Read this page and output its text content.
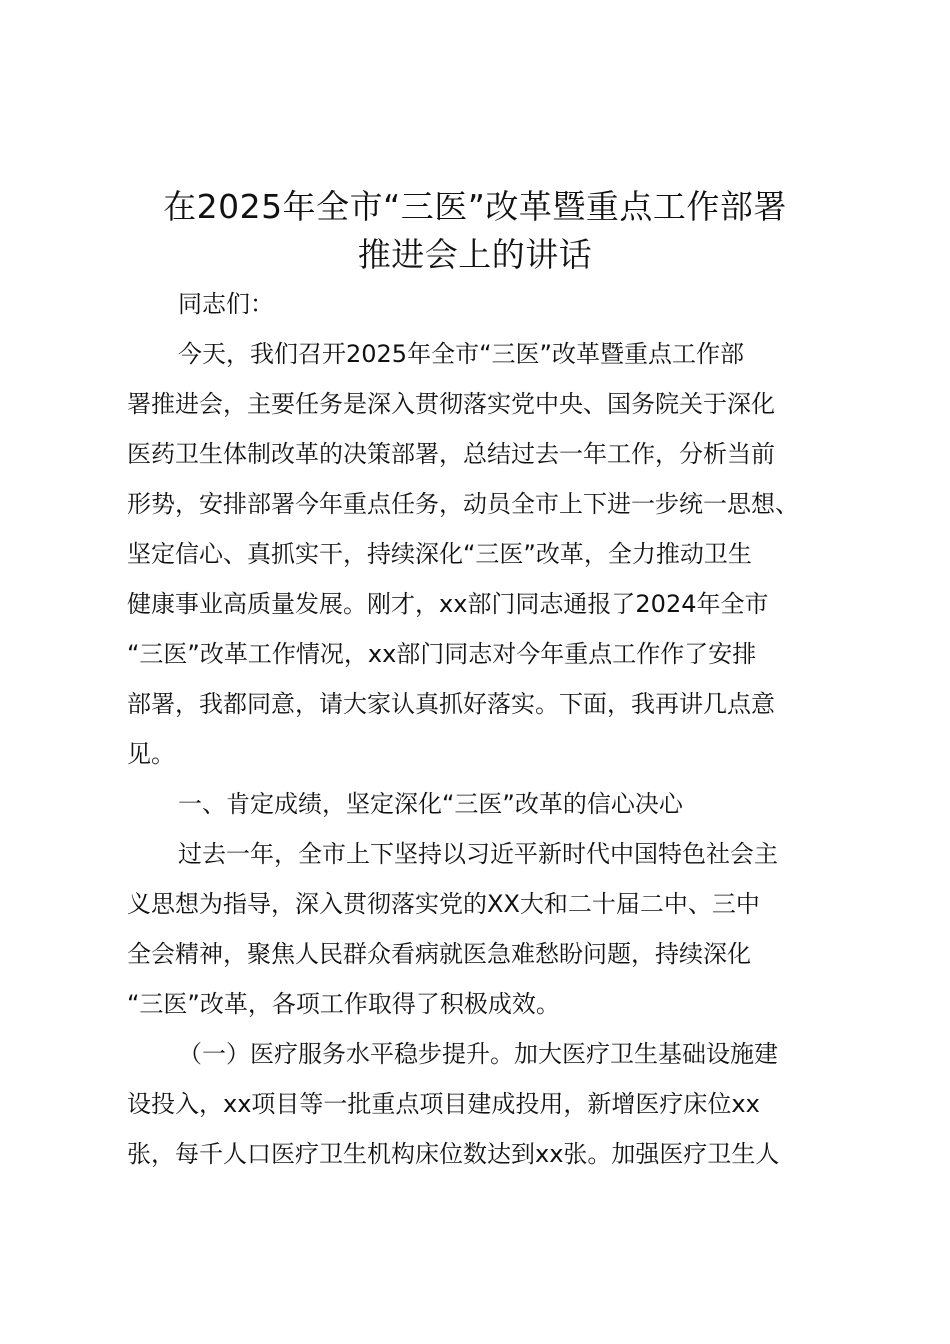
在2025年全市“三医”改革暨重点工作部署
推进会上的讲话
同志们：
今天，我们召开2025年全市“三医”改革暨重点工作部
署推进会，主要任务是深入贯彻落实党中央、国务院关于深化
医药卫生体制改革的决策部署，总结过去一年工作，分析当前
形势，安排部署今年重点任务，动员全市上下进一步统一思想、
坚定信心、真抓实干，持续深化“三医”改革，全力推动卫生
健康事业高质量发展。刚才，xx部门同志通报了2024年全市
“三医”改革工作情况，xx部门同志对今年重点工作作了安排
部署，我都同意，请大家认真抓好落实。下面，我再讲几点意
见。
一、肯定成绩，坚定深化“三医”改革的信心决心
过去一年，全市上下坚持以习近平新时代中国特色社会主
义思想为指导，深入贯彻落实党的XX大和二十届二中、三中
全会精神，聚焦人民群众看病就医急难愁盼问题，持续深化
“三医”改革，各项工作取得了积极成效。
（一）医疗服务水平稳步提升。加大医疗卫生基础设施建
设投入，xx项目等一批重点项目建成投用，新增医疗床位xx
张，每千人口医疗卫生机构床位数达到xx张。加强医疗卫生人
